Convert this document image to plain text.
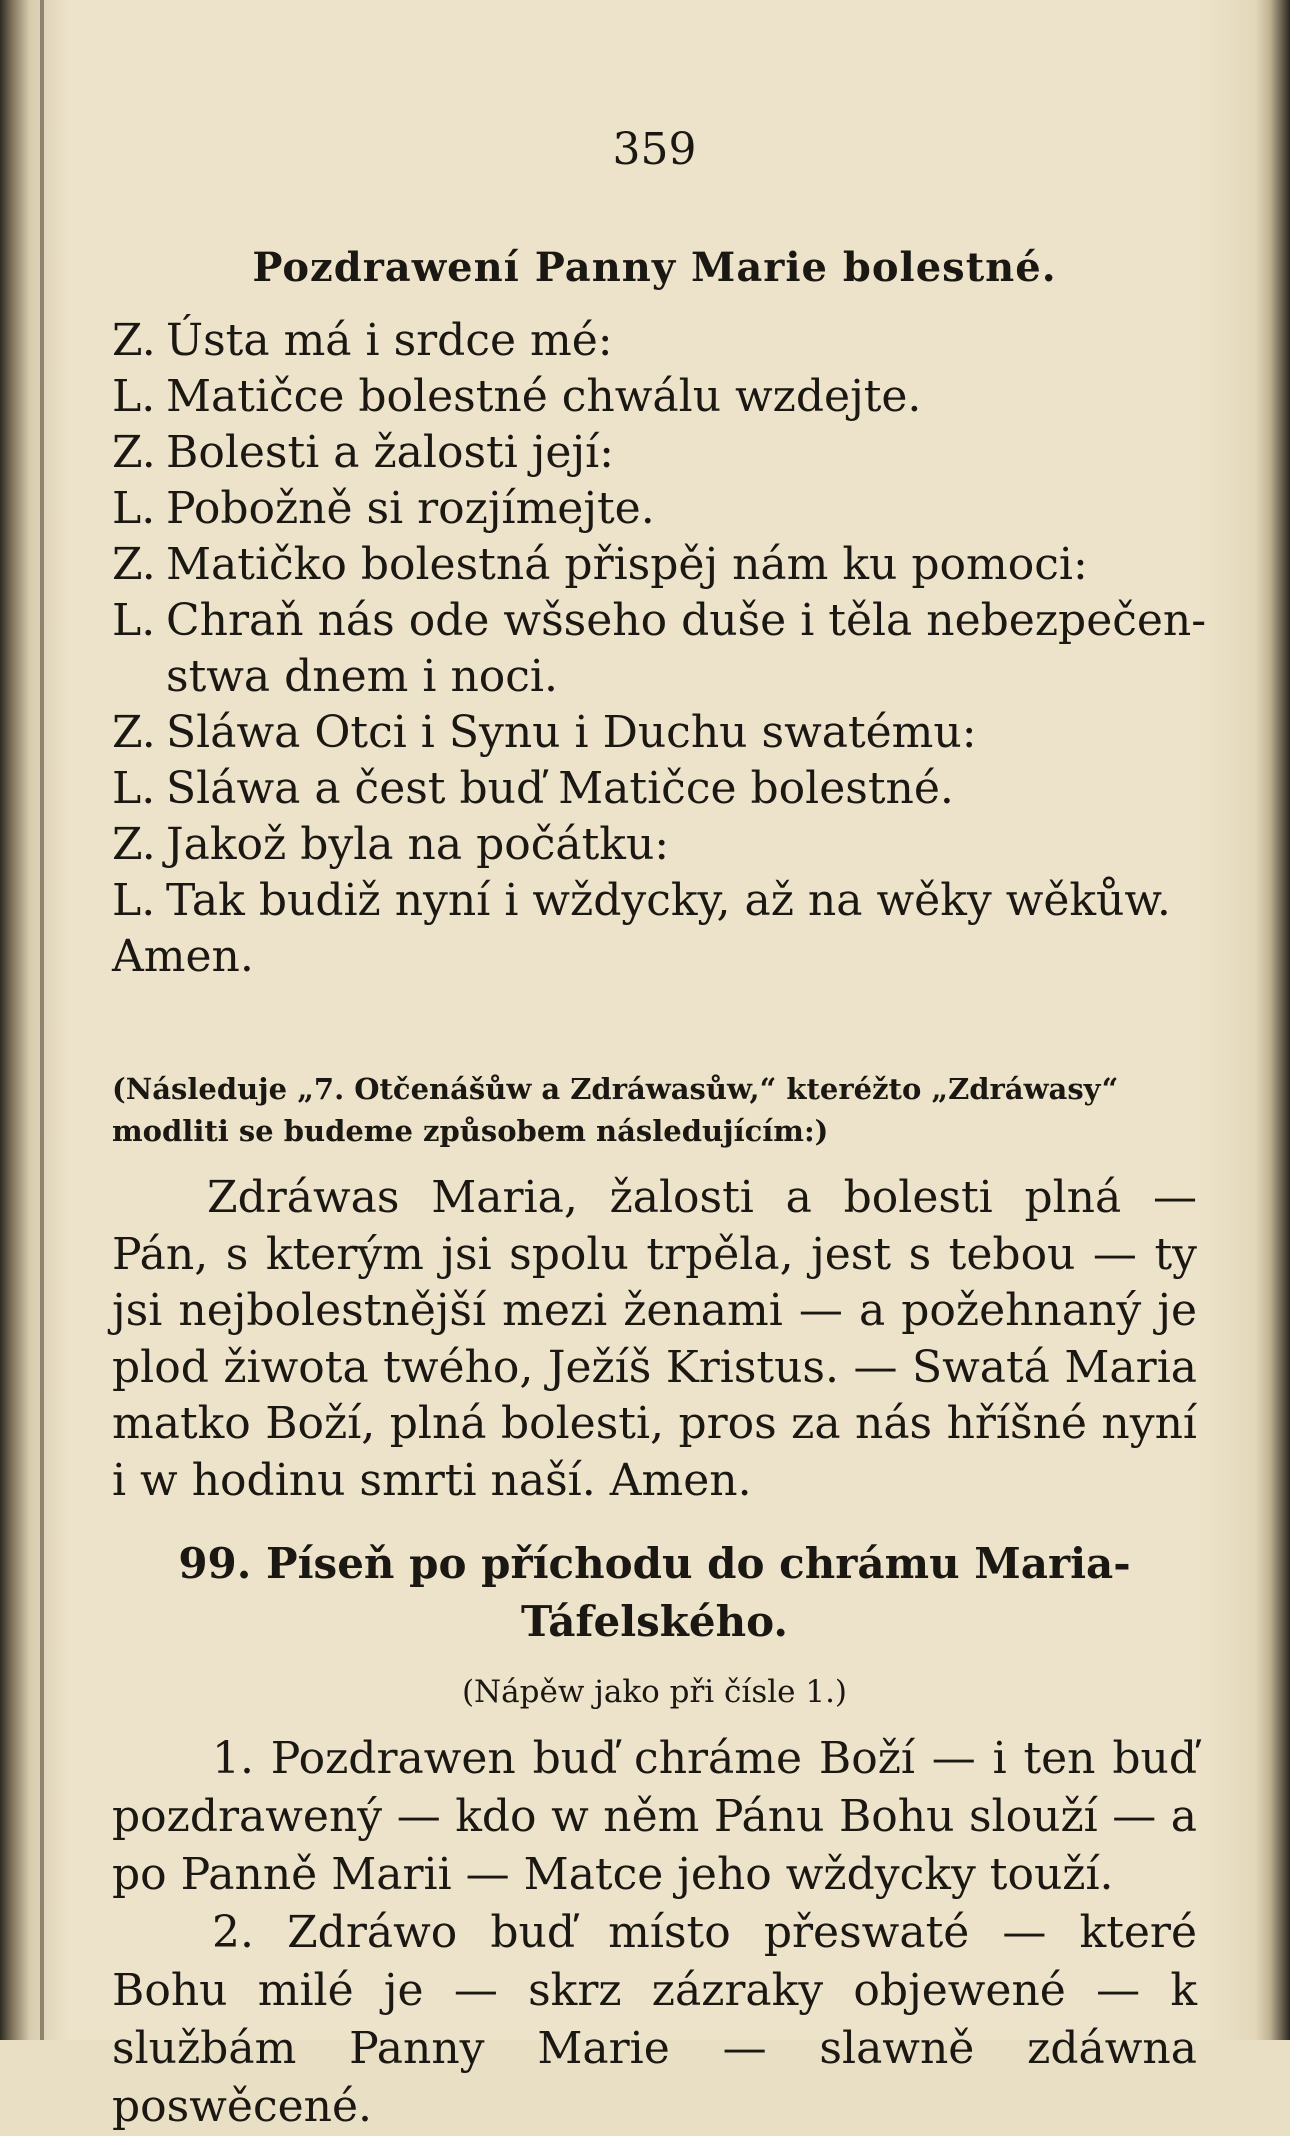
359
Pozdrawení Panny Marie bolestné.
Z. Ústa má i srdce mé:
L. Matičce bolestné chwálu wzdejte.
Z. Bolesti a žalosti její:
L. Pobožně si rozjímejte.
Z. Matičko bolestná přispěj nám ku pomoci:
L. Chraň nás ode wšseho duše i těla nebezpečen-
stwa dnem i noci.
Z. Sláwa Otci i Synu i Duchu swatému:
L. Sláwa a čest buď Matičce bolestné.
Z. Jakož byla na počátku:
L. Tak budiž nyní i wždycky, až na wěky wěkůw.
Amen.
(Následuje „7. Otčenášůw a Zdráwasůw,“ kteréžto „Zdráwasy“ modliti se budeme způsobem následujícím:)
Zdráwas Maria, žalosti a bolesti plná — Pán, s kterým jsi spolu trpěla, jest s tebou — ty jsi nejbolestnější mezi ženami — a požehnaný je plod žiwota twého, Ježíš Kristus. — Swatá Maria matko Boží, plná bolesti, pros za nás hříšné nyní i w hodinu smrti naší. Amen.
99. Píseň po příchodu do chrámu Maria-Táfelského.
(Nápěw jako při čísle 1.)

1. Pozdrawen buď chráme Boží — i ten buď pozdrawený — kdo w něm Pánu Bohu slouží — a po Panně Marii — Matce jeho wždycky touží.

2. Zdráwo buď místo přeswaté — které Bohu milé je — skrz zázraky objewené — k službám Panny Marie — slawně zdáwna poswěcené.
